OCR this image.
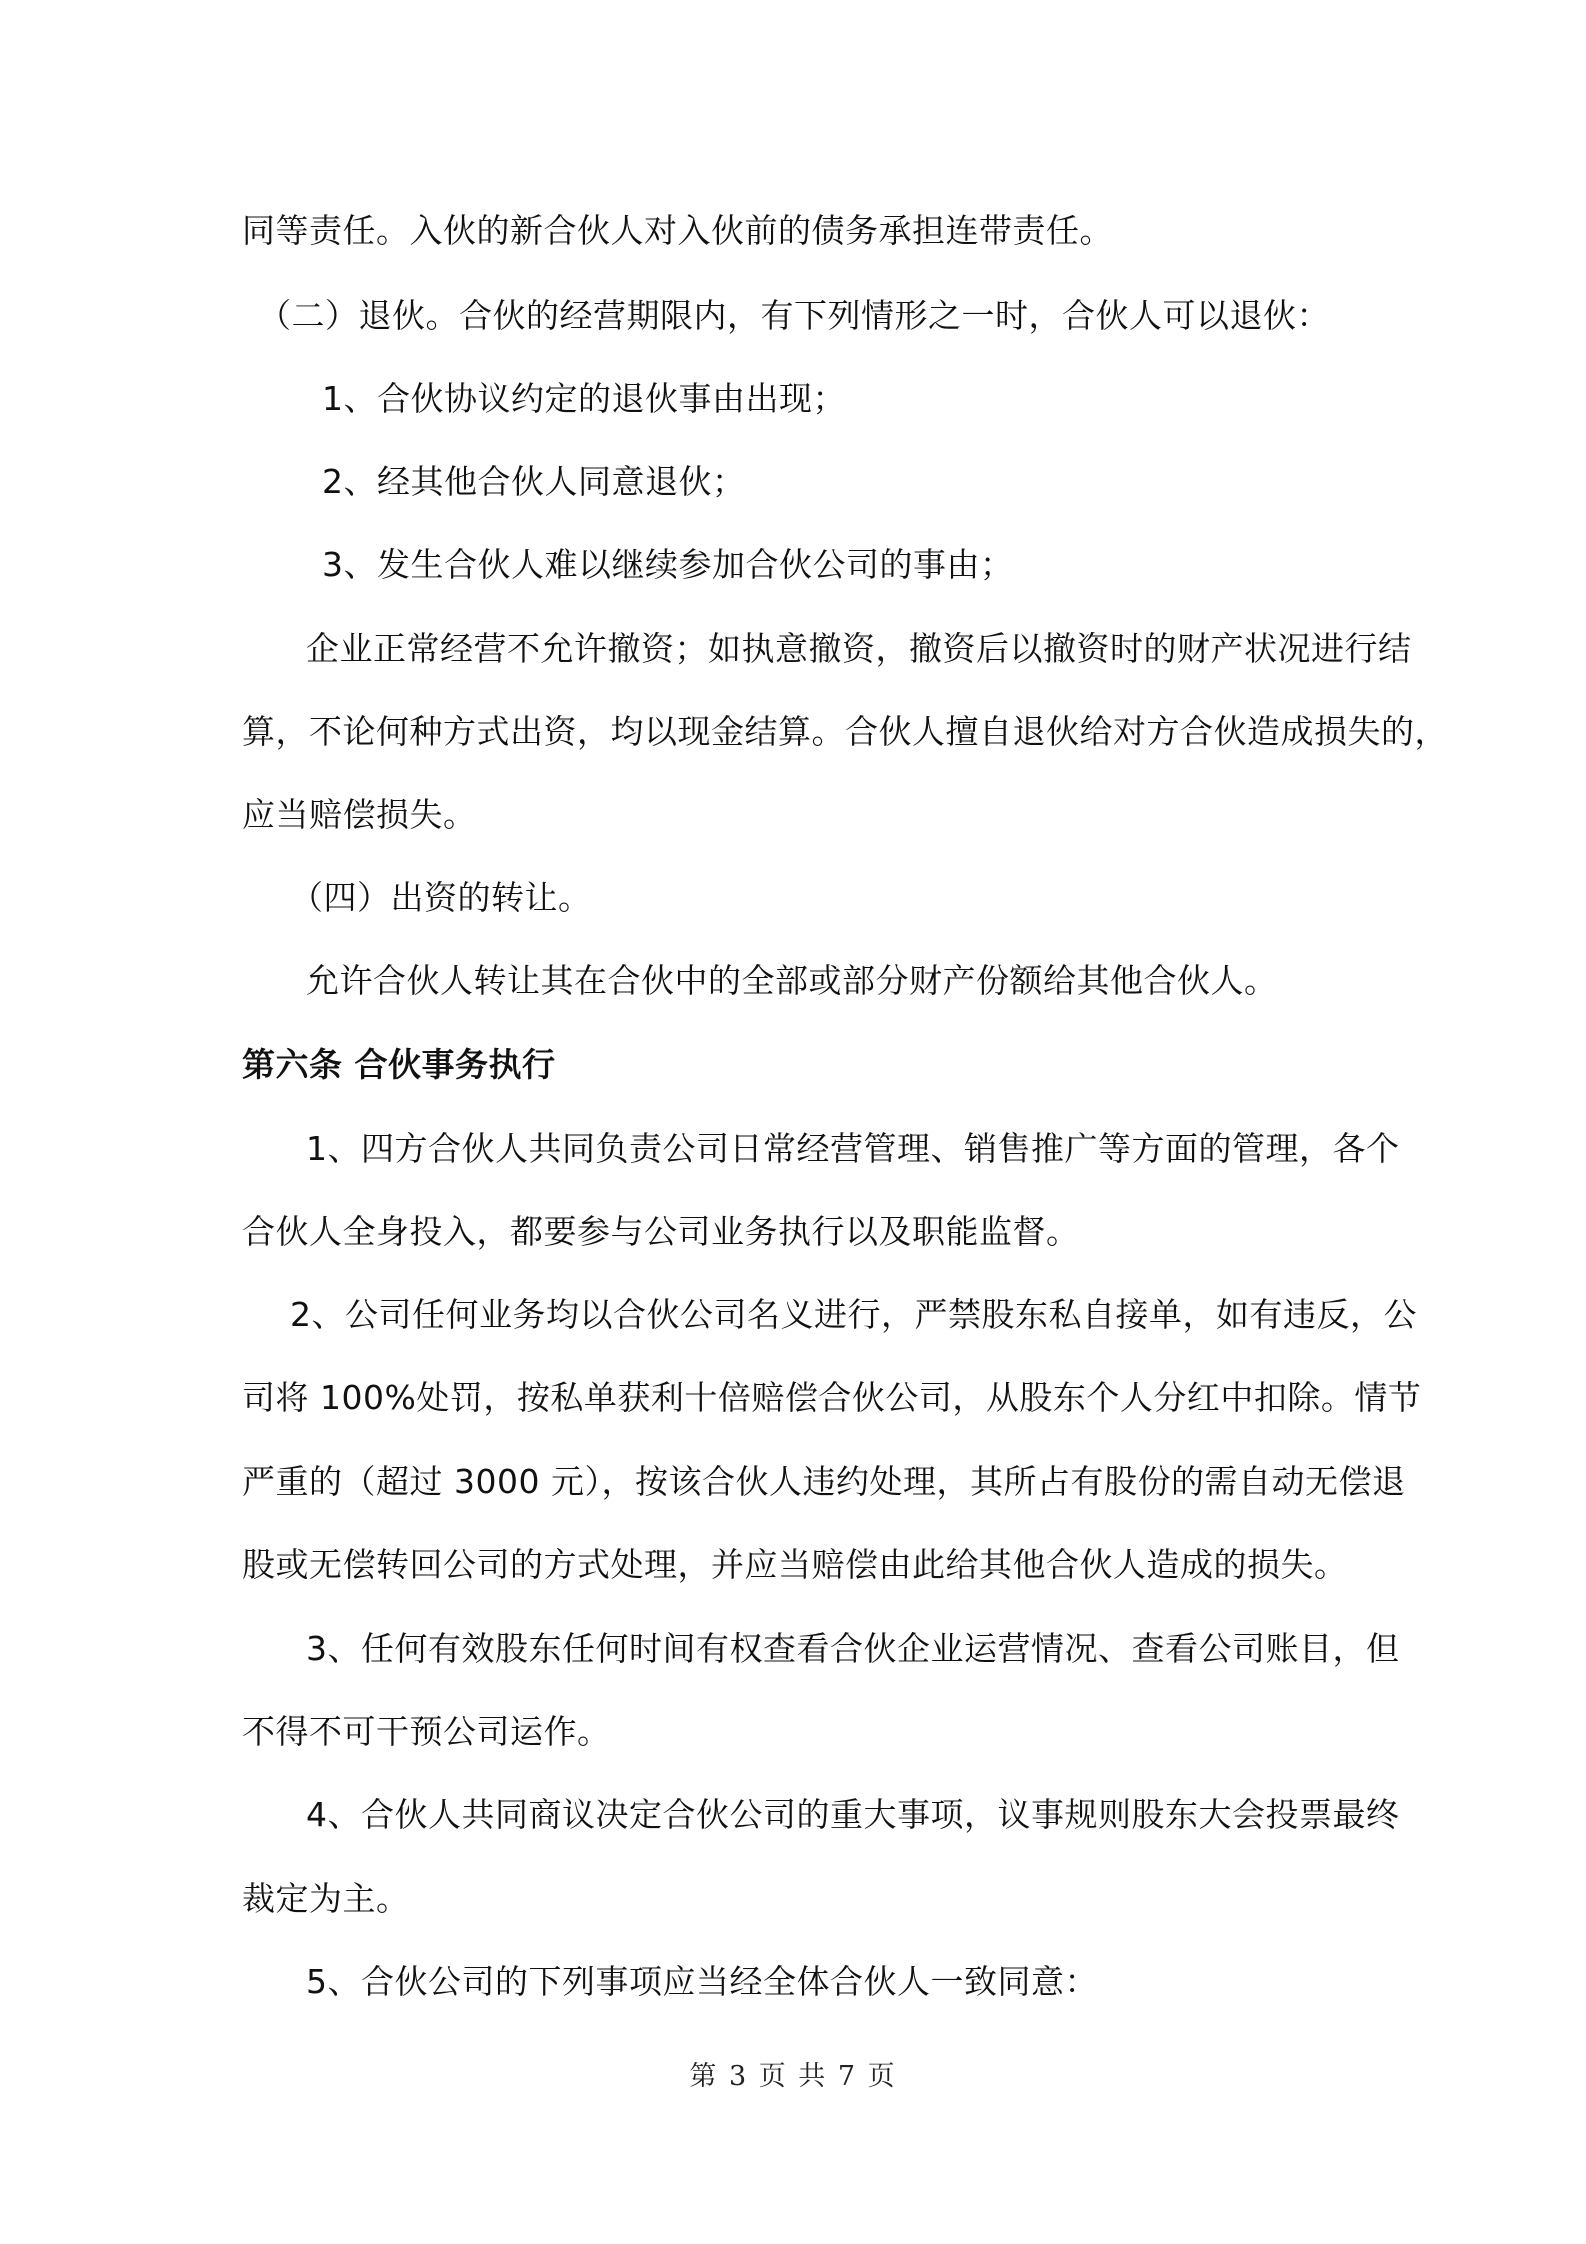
同等责任。入伙的新合伙人对入伙前的债务承担连带责任。
（二）退伙。合伙的经营期限内，有下列情形之一时，合伙人可以退伙：
1、合伙协议约定的退伙事由出现；
2、经其他合伙人同意退伙；
3、发生合伙人难以继续参加合伙公司的事由；
企业正常经营不允许撤资；如执意撤资，撤资后以撤资时的财产状况进行结
算，不论何种方式出资，均以现金结算。合伙人擅自退伙给对方合伙造成损失的，
应当赔偿损失。
（四）出资的转让。
允许合伙人转让其在合伙中的全部或部分财产份额给其他合伙人。
第六条 合伙事务执行
1、四方合伙人共同负责公司日常经营管理、销售推广等方面的管理，各个
合伙人全身投入，都要参与公司业务执行以及职能监督。
2、公司任何业务均以合伙公司名义进行，严禁股东私自接单，如有违反，公
司将 100%处罚，按私单获利十倍赔偿合伙公司，从股东个人分红中扣除。情节
严重的（超过 3000 元），按该合伙人违约处理，其所占有股份的需自动无偿退
股或无偿转回公司的方式处理，并应当赔偿由此给其他合伙人造成的损失。
3、任何有效股东任何时间有权查看合伙企业运营情况、查看公司账目，但
不得不可干预公司运作。
4、合伙人共同商议决定合伙公司的重大事项，议事规则股东大会投票最终
裁定为主。
5、合伙公司的下列事项应当经全体合伙人一致同意：
第 3 页 共 7 页
